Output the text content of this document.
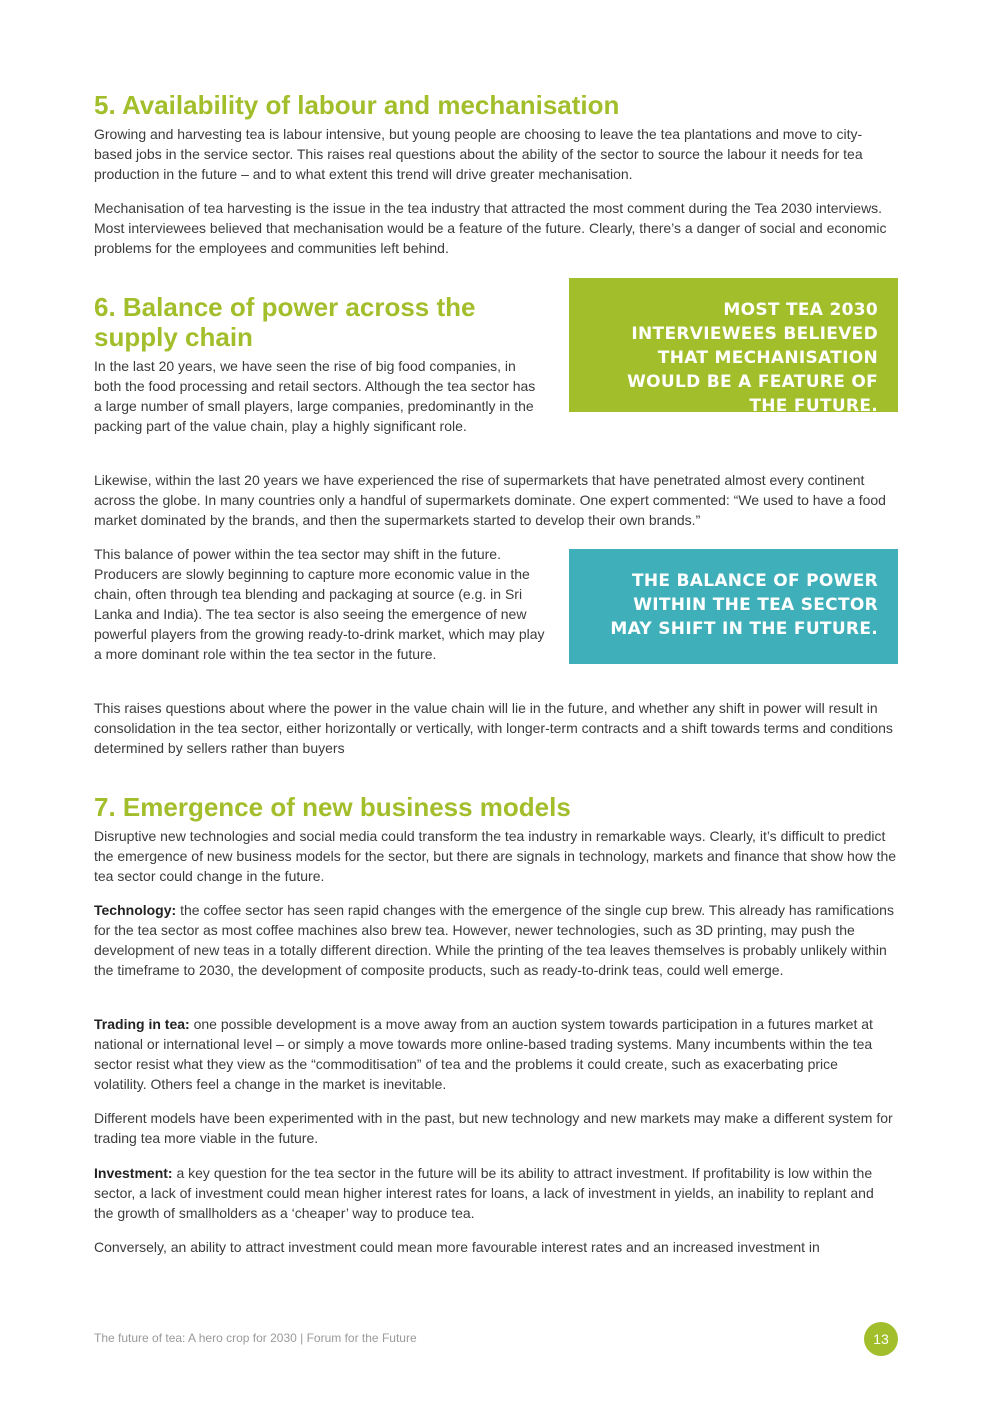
5. Availability of labour and mechanisation

Growing and harvesting tea is labour intensive, but young people are choosing to leave the tea plantations and move to city-based jobs in the service sector. This raises real questions about the ability of the sector to source the labour it needs for tea production in the future – and to what extent this trend will drive greater mechanisation.

Mechanisation of tea harvesting is the issue in the tea industry that attracted the most comment during the Tea 2030 interviews. Most interviewees believed that mechanisation would be a feature of the future. Clearly, there’s a danger of social and economic problems for the employees and communities left behind.

6. Balance of power across the supply chain

In the last 20 years, we have seen the rise of big food companies, in both the food processing and retail sectors. Although the tea sector has a large number of small players, large companies, predominantly in the packing part of the value chain, play a highly significant role.

MOST TEA 2030 INTERVIEWEES BELIEVED THAT MECHANISATION WOULD BE A FEATURE OF THE FUTURE.

Likewise, within the last 20 years we have experienced the rise of supermarkets that have penetrated almost every continent across the globe. In many countries only a handful of supermarkets dominate. One expert commented: “We used to have a food market dominated by the brands, and then the supermarkets started to develop their own brands.”

This balance of power within the tea sector may shift in the future. Producers are slowly beginning to capture more economic value in the chain, often through tea blending and packaging at source (e.g. in Sri Lanka and India). The tea sector is also seeing the emergence of new powerful players from the growing ready-to-drink market, which may play a more dominant role within the tea sector in the future.

THE BALANCE OF POWER WITHIN THE TEA SECTOR MAY SHIFT IN THE FUTURE.

This raises questions about where the power in the value chain will lie in the future, and whether any shift in power will result in consolidation in the tea sector, either horizontally or vertically, with longer-term contracts and a shift towards terms and conditions determined by sellers rather than buyers

7. Emergence of new business models

Disruptive new technologies and social media could transform the tea industry in remarkable ways. Clearly, it’s difficult to predict the emergence of new business models for the sector, but there are signals in technology, markets and finance that show how the tea sector could change in the future.

Technology: the coffee sector has seen rapid changes with the emergence of the single cup brew. This already has ramifications for the tea sector as most coffee machines also brew tea. However, newer technologies, such as 3D printing, may push the development of new teas in a totally different direction. While the printing of the tea leaves themselves is probably unlikely within the timeframe to 2030, the development of composite products, such as ready-to-drink teas, could well emerge.

Trading in tea: one possible development is a move away from an auction system towards participation in a futures market at national or international level – or simply a move towards more online-based trading systems. Many incumbents within the tea sector resist what they view as the “commoditisation” of tea and the problems it could create, such as exacerbating price volatility. Others feel a change in the market is inevitable.

Different models have been experimented with in the past, but new technology and new markets may make a different system for trading tea more viable in the future.

Investment: a key question for the tea sector in the future will be its ability to attract investment. If profitability is low within the sector, a lack of investment could mean higher interest rates for loans, a lack of investment in yields, an inability to replant and the growth of smallholders as a ‘cheaper’ way to produce tea.

Conversely, an ability to attract investment could mean more favourable interest rates and an increased investment in

The future of tea: A hero crop for 2030 | Forum for the Future	13
